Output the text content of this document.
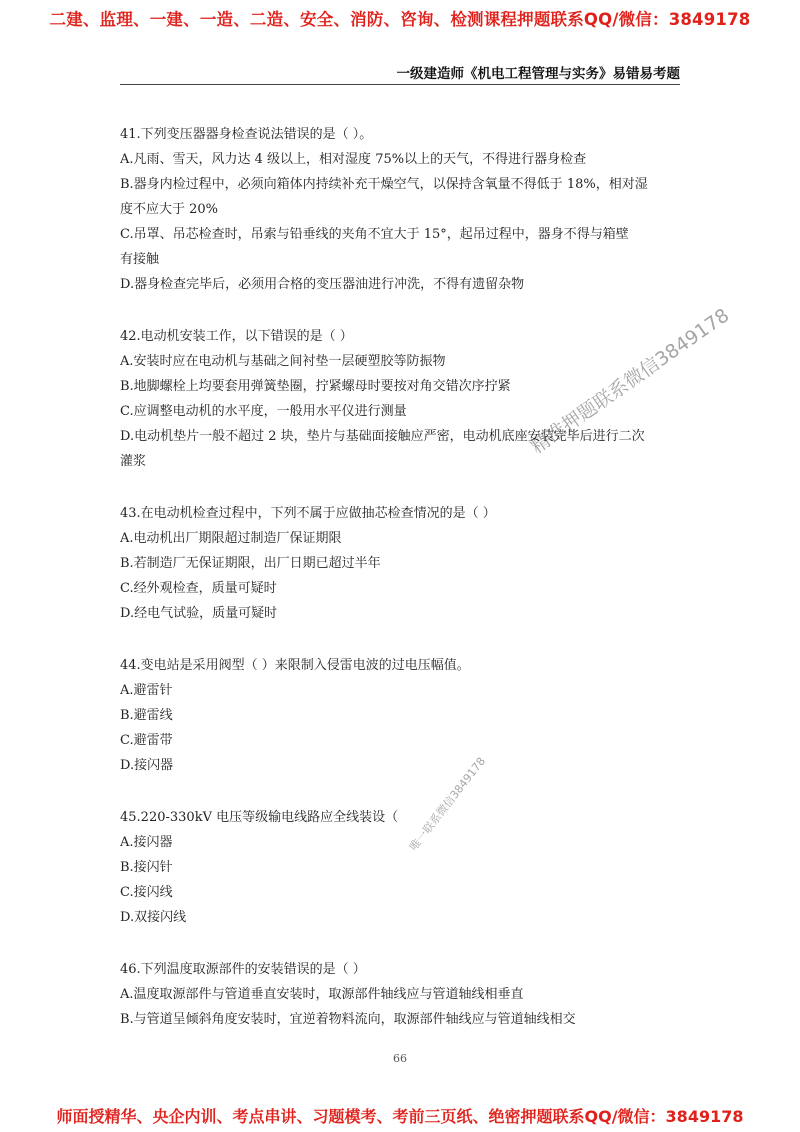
二建、监理、一建、一造、二造、安全、消防、咨询、检测课程押题联系QQ/微信：3849178
一级建造师《机电工程管理与实务》易错易考题
41.下列变压器器身检查说法错误的是（ ）。
A.凡雨、雪天，风力达 4 级以上，相对湿度 75%以上的天气，不得进行器身检查
B.器身内检过程中，必须向箱体内持续补充干燥空气，以保持含氧量不得低于 18%，相对湿
度不应大于 20%
C.吊罩、吊芯检查时，吊索与铅垂线的夹角不宜大于 15°，起吊过程中，器身不得与箱壁
有接触
D.器身检查完毕后，必须用合格的变压器油进行冲洗，不得有遗留杂物
42.电动机安装工作，以下错误的是（ ）
A.安装时应在电动机与基础之间衬垫一层硬塑胶等防振物
B.地脚螺栓上均要套用弹簧垫圈，拧紧螺母时要按对角交错次序拧紧
C.应调整电动机的水平度，一般用水平仪进行测量
D.电动机垫片一般不超过 2 块，垫片与基础面接触应严密，电动机底座安装完毕后进行二次
灌浆
43.在电动机检查过程中，下列不属于应做抽芯检查情况的是（ ）
A.电动机出厂期限超过制造厂保证期限
B.若制造厂无保证期限，出厂日期已超过半年
C.经外观检查，质量可疑时
D.经电气试验，质量可疑时
44.变电站是采用阀型（ ）来限制入侵雷电波的过电压幅值。
A.避雷针
B.避雷线
C.避雷带
D.接闪器
45.220-330kV 电压等级输电线路应全线装设（
A.接闪器
B.接闪针
C.接闪线
D.双接闪线
46.下列温度取源部件的安装错误的是（ ）
A.温度取源部件与管道垂直安装时，取源部件轴线应与管道轴线相垂直
B.与管道呈倾斜角度安装时，宜逆着物料流向，取源部件轴线应与管道轴线相交
66
精准押题联系微信3849178
唯一联系微信3849178
师面授精华、央企内训、考点串讲、习题模考、考前三页纸、绝密押题联系QQ/微信：3849178
